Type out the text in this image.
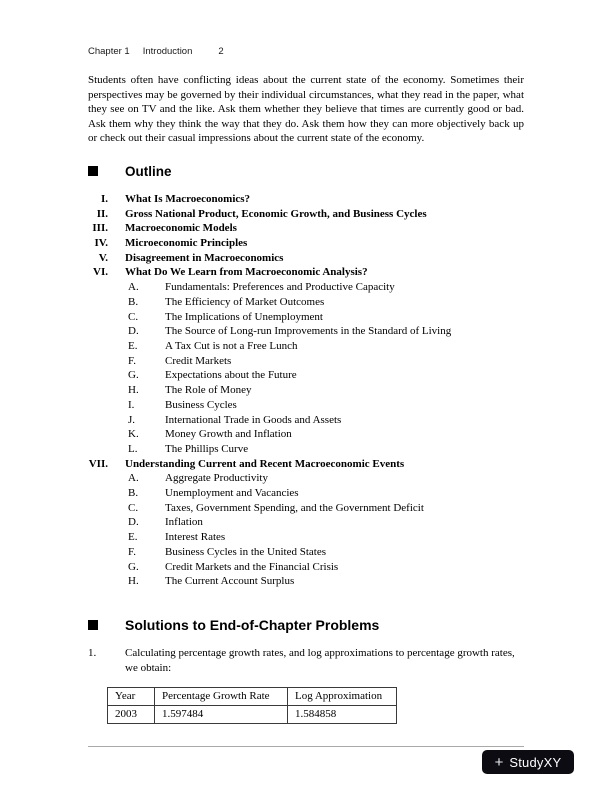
Chapter 1 Introduction	2

Students often have conflicting ideas about the current state of the economy. Sometimes their perspectives may be governed by their individual circumstances, what they read in the paper, what they see on TV and the like. Ask them whether they believe that times are currently good or bad. Ask them why they think the way that they do. Ask them how they can more objectively back up or check out their casual impressions about the current state of the economy.

Outline
I. What Is Macroeconomics?
II. Gross National Product, Economic Growth, and Business Cycles
III. Macroeconomic Models
IV. Microeconomic Principles
V. Disagreement in Macroeconomics
VI. What Do We Learn from Macroeconomic Analysis?
A. Fundamentals: Preferences and Productive Capacity
B. The Efficiency of Market Outcomes
C. The Implications of Unemployment
D. The Source of Long-run Improvements in the Standard of Living
E.	A Tax Cut is not a Free Lunch
F.	Credit Markets
G. Expectations about the Future
H. The Role of Money
I.	Business Cycles
J.	International Trade in Goods and Assets
K. Money Growth and Inflation
L.	The Phillips Curve
VII. Understanding Current and Recent Macroeconomic Events
A. Aggregate Productivity
B. Unemployment and Vacancies
C. Taxes, Government Spending, and the Government Deficit
D. Inflation
E.	Interest Rates
F.	Business Cycles in the United States
G. Credit Markets and the Financial Crisis
H. The Current Account Surplus
Solutions to End-of-Chapter Problems
1.	Calculating percentage growth rates, and log approximations to percentage growth rates, we obtain:
Year	Percentage Growth Rate	Log Approximation
2003	1.597484	1.584858
+ StudyXY
